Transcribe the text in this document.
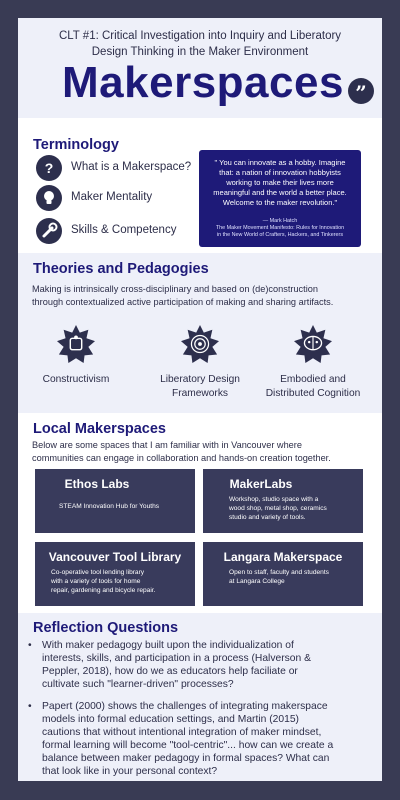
CLT #1: Critical Investigation into Inquiry and Liberatory
Design Thinking in the Maker Environment
Makerspaces ”
Terminology
?	What is a Makerspace?
Maker Mentality
Skills & Competency
" You can innovate as a hobby. Imagine
that: a nation of innovation hobbyists
working to make their lives more
meaningful and the world a better place.
Welcome to the maker revolution."
— Mark Hatch
The Maker Movement Manifesto: Rules for Innovation
in the New World of Crafters, Hackers, and Tinkerers
Theories and Pedagogies
Making is intrinsically cross-disciplinary and based on (de)construction
through contextualized active participation of making and sharing artifacts.
Constructivism	Liberatory Design
Frameworks
Embodied and
Distributed Cognition
Local Makerspaces
Below are some spaces that I am familiar with in Vancouver where
communities can engage in collaboration and hands-on creation together.
Ethos Labs
STEAM Innovation Hub for Youths
MakerLabs
Workshop, studio space with a
wood shop, metal shop, ceramics
studio and variety of tools.
Vancouver Tool Library
Co-operative tool lending library
with a variety of tools for home
repair, gardening and bicycle repair.
Langara Makerspace
Open to staff, faculty and students
at Langara College
Reflection Questions
• With maker pedagogy built upon the individualization of
interests, skills, and participation in a process (Halverson &
Peppler, 2018), how do we as educators help faciliate or
cultivate such "learner-driven" processes?
• Papert (2000) shows the challenges of integrating makerspace
models into formal education settings, and Martin (2015)
cautions that without intentional integration of maker mindset,
formal learning will become "tool-centric"... how can we create a
balance between maker pedagogy in formal spaces? What can
that look like in your personal context?
